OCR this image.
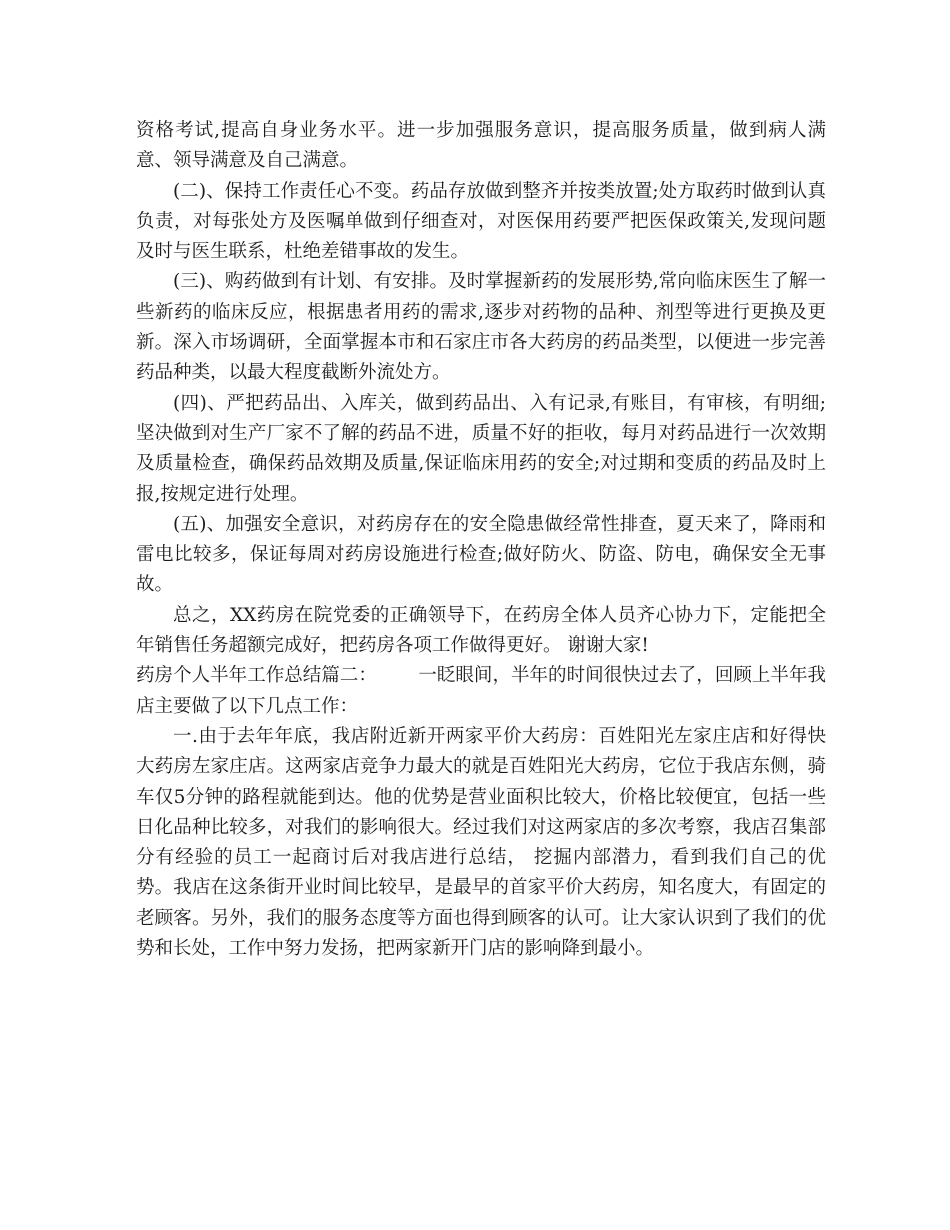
资格考试,提高自身业务水平。进一步加强服务意识，提高服务质量，做到病人满意、领导满意及自己满意。

(二)、保持工作责任心不变。药品存放做到整齐并按类放置;处方取药时做到认真负责，对每张处方及医嘱单做到仔细查对，对医保用药要严把医保政策关,发现问题及时与医生联系，杜绝差错事故的发生。

(三)、购药做到有计划、有安排。及时掌握新药的发展形势,常向临床医生了解一些新药的临床反应，根据患者用药的需求,逐步对药物的品种、剂型等进行更换及更新。深入市场调研，全面掌握本市和石家庄市各大药房的药品类型，以便进一步完善药品种类，以最大程度截断外流处方。

(四)、严把药品出、入库关，做到药品出、入有记录,有账目，有审核，有明细;坚决做到对生产厂家不了解的药品不进，质量不好的拒收，每月对药品进行一次效期及质量检查，确保药品效期及质量,保证临床用药的安全;对过期和变质的药品及时上报,按规定进行处理。

(五)、加强安全意识，对药房存在的安全隐患做经常性排查，夏天来了，降雨和雷电比较多，保证每周对药房设施进行检查;做好防火、防盗、防电，确保安全无事故。

总之，XX药房在院党委的正确领导下，在药房全体人员齐心协力下，定能把全年销售任务超额完成好，把药房各项工作做得更好。 谢谢大家!

药房个人半年工作总结篇二：       一眨眼间，半年的时间很快过去了，回顾上半年我店主要做了以下几点工作：

一.由于去年年底，我店附近新开两家平价大药房：百姓阳光左家庄店和好得快大药房左家庄店。这两家店竞争力最大的就是百姓阳光大药房，它位于我店东侧，骑车仅5分钟的路程就能到达。他的优势是营业面积比较大，价格比较便宜，包括一些日化品种比较多，对我们的影响很大。经过我们对这两家店的多次考察，我店召集部分有经验的员工一起商讨后对我店进行总结， 挖掘内部潜力，看到我们自己的优势。我店在这条街开业时间比较早，是最早的首家平价大药房，知名度大，有固定的老顾客。另外，我们的服务态度等方面也得到顾客的认可。让大家认识到了我们的优势和长处，工作中努力发扬，把两家新开门店的影响降到最小。
